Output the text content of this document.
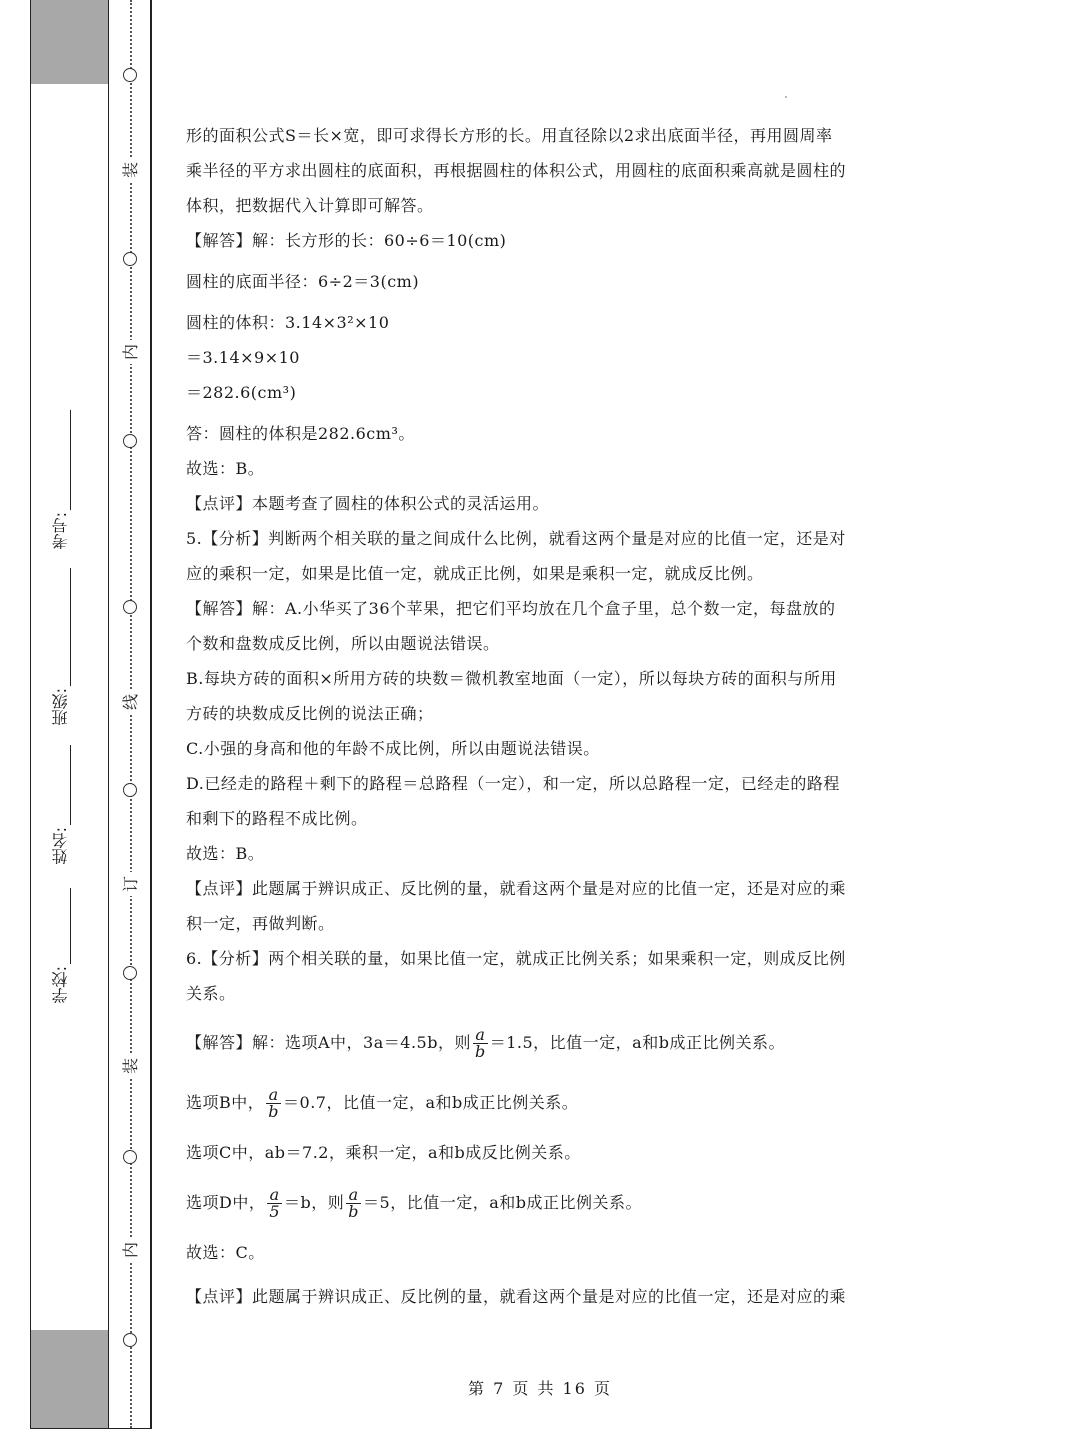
装
内
线
订
装
内
考号:
班级:
姓名:
学校:

形的面积公式S＝长×宽，即可求得长方形的长。用直径除以2求出底面半径，再用圆周率

乘半径的平方求出圆柱的底面积，再根据圆柱的体积公式，用圆柱的底面积乘高就是圆柱的

体积，把数据代入计算即可解答。

【解答】解：长方形的长：60÷6＝10(cm)

圆柱的底面半径：6÷2＝3(cm)

圆柱的体积：3.14×3²×10

＝3.14×9×10

＝282.6(cm³)

答：圆柱的体积是282.6cm³。

故选：B。

【点评】本题考查了圆柱的体积公式的灵活运用。

5.【分析】判断两个相关联的量之间成什么比例，就看这两个量是对应的比值一定，还是对

应的乘积一定，如果是比值一定，就成正比例，如果是乘积一定，就成反比例。

【解答】解：A.小华买了36个苹果，把它们平均放在几个盒子里，总个数一定，每盘放的

个数和盘数成反比例，所以由题说法错误。

B.每块方砖的面积×所用方砖的块数＝微机教室地面（一定），所以每块方砖的面积与所用

方砖的块数成反比例的说法正确；

C.小强的身高和他的年龄不成比例，所以由题说法错误。

D.已经走的路程＋剩下的路程＝总路程（一定），和一定，所以总路程一定，已经走的路程

和剩下的路程不成比例。

故选：B。

【点评】此题属于辨识成正、反比例的量，就看这两个量是对应的比值一定，还是对应的乘

积一定，再做判断。

6.【分析】两个相关联的量，如果比值一定，就成正比例关系；如果乘积一定，则成反比例

关系。

【解答】解：选项A中，3a＝4.5b，则 $\frac{a}{b} =1.5$，比值一定，a和b成正比例关系。

选项B中， $\frac{a}{b} =0.7$，比值一定，a和b成正比例关系。

选项C中，ab＝7.2，乘积一定，a和b成反比例关系。

选项D中， $\frac{a}{5} =b$，则 $\frac{a}{b} =5$，比值一定，a和b成正比例关系。

故选：C。

【点评】此题属于辨识成正、反比例的量，就看这两个量是对应的比值一定，还是对应的乘

第 7 页 共 16 页
